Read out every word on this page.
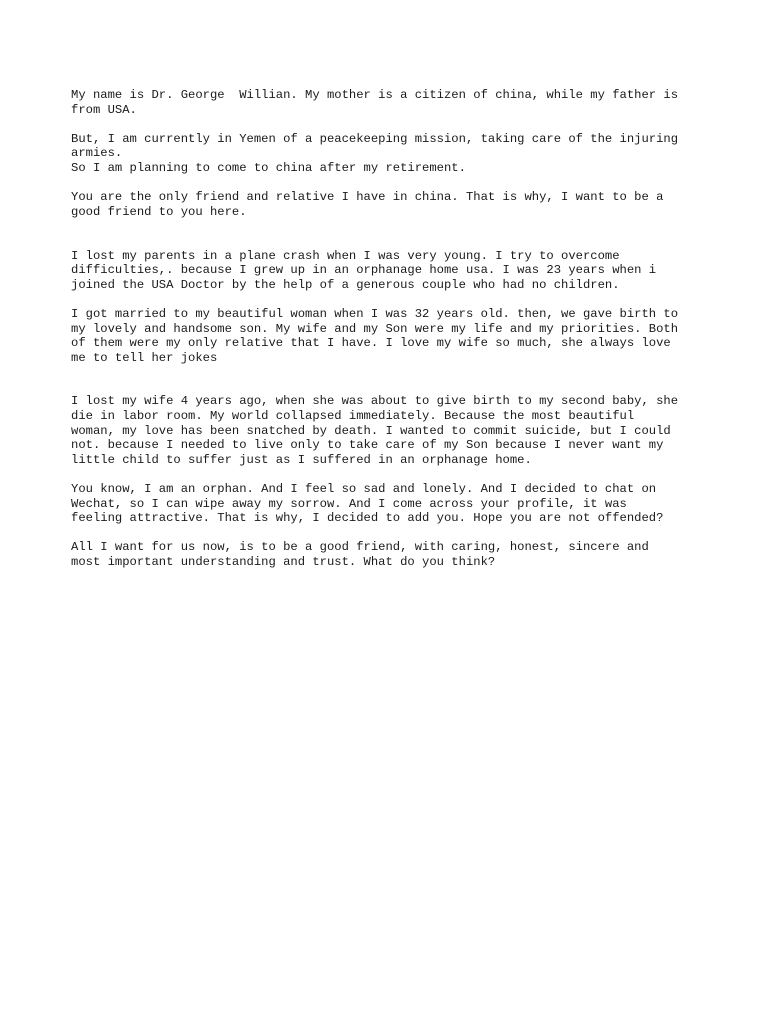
My name is Dr. George  Willian. My mother is a citizen of china, while my father is
from USA.

But, I am currently in Yemen of a peacekeeping mission, taking care of the injuring
armies.
So I am planning to come to china after my retirement.

You are the only friend and relative I have in china. That is why, I want to be a
good friend to you here.

I lost my parents in a plane crash when I was very young. I try to overcome
difficulties,. because I grew up in an orphanage home usa. I was 23 years when i
joined the USA Doctor by the help of a generous couple who had no children.

I got married to my beautiful woman when I was 32 years old. then, we gave birth to
my lovely and handsome son. My wife and my Son were my life and my priorities. Both
of them were my only relative that I have. I love my wife so much, she always love
me to tell her jokes

I lost my wife 4 years ago, when she was about to give birth to my second baby, she
die in labor room. My world collapsed immediately. Because the most beautiful
woman, my love has been snatched by death. I wanted to commit suicide, but I could
not. because I needed to live only to take care of my Son because I never want my
little child to suffer just as I suffered in an orphanage home.

You know, I am an orphan. And I feel so sad and lonely. And I decided to chat on
Wechat, so I can wipe away my sorrow. And I come across your profile, it was
feeling attractive. That is why, I decided to add you. Hope you are not offended?

All I want for us now, is to be a good friend, with caring, honest, sincere and
most important understanding and trust. What do you think?
